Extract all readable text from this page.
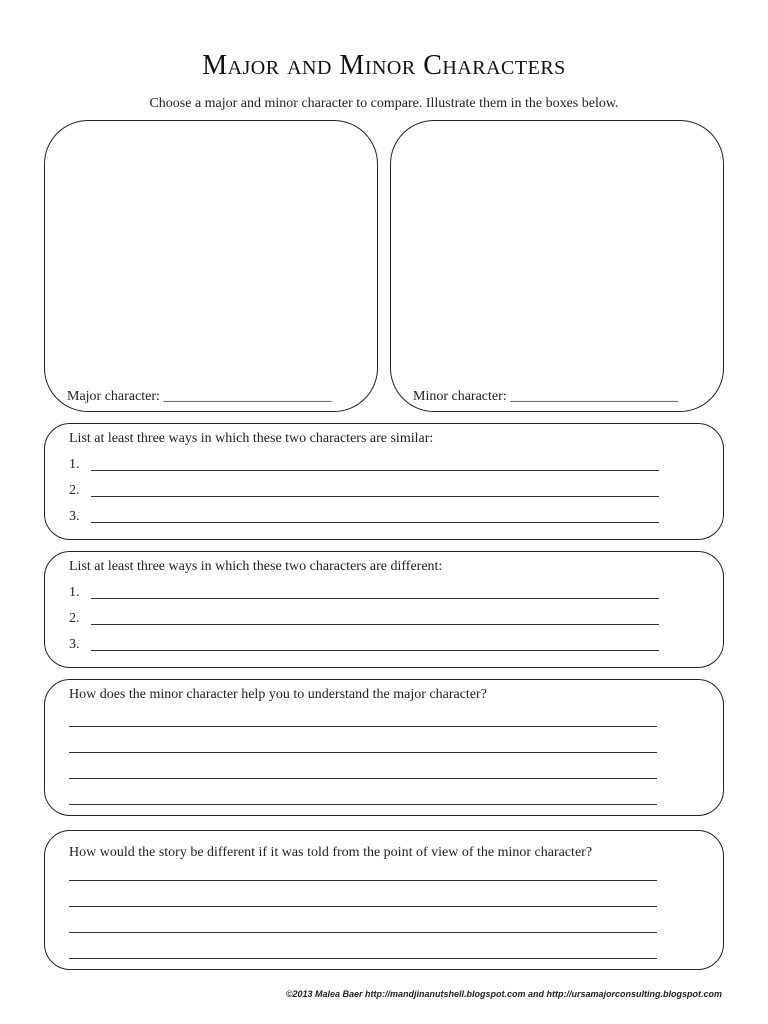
Major and Minor Characters
Choose a major and minor character to compare. Illustrate them in the boxes below.
Major character: ________________________	Minor character: ________________________
List at least three ways in which these two characters are similar:
1.
2.
3.
List at least three ways in which these two characters are different:
1.
2.
3.
How does the minor character help you to understand the major character?
How would the story be different if it was told from the point of view of the minor character?
©2013 Malea Baer http://mandjinanutshell.blogspot.com and http://ursamajorconsulting.blogspot.com
